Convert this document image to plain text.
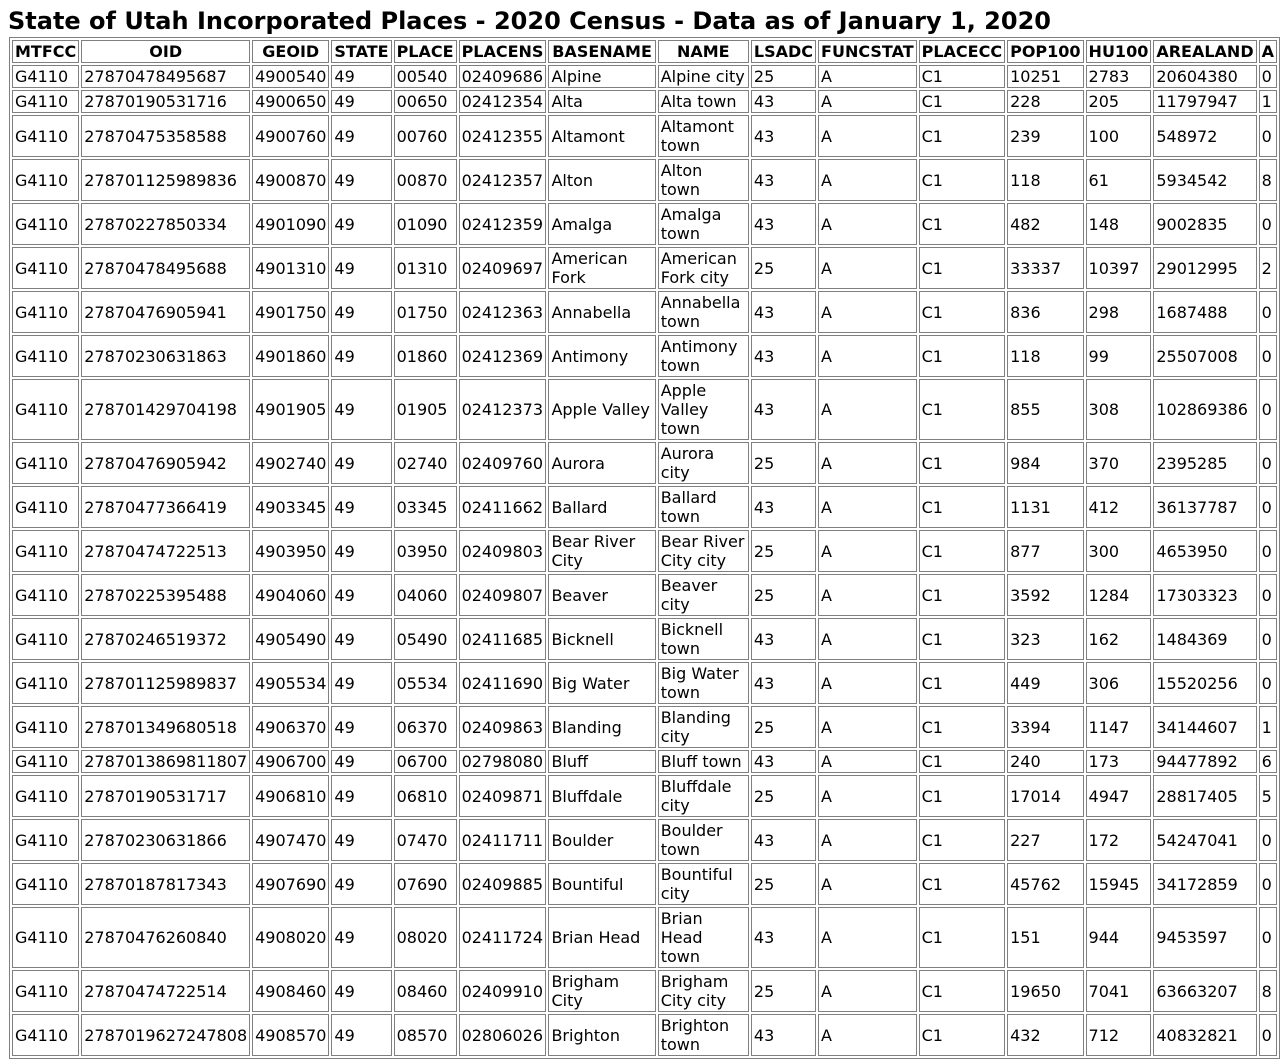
State of Utah Incorporated Places - 2020 Census - Data as of January 1, 2020
MTFCC	OID	GEOID	STATE	PLACE	PLACENS	BASENAME	NAME	LSADC	FUNCSTAT	PLACECC	POP100	HU100	AREALAND	A
G4110	27870478495687	4900540	49	00540	02409686	Alpine	Alpine city	25	A	C1	10251	2783	20604380	0
G4110	27870190531716	4900650	49	00650	02412354	Alta	Alta town	43	A	C1	228	205	11797947	1
G4110	27870475358588	4900760	49	00760	02412355	Altamont	Altamont town	43	A	C1	239	100	548972	0
G4110	278701125989836	4900870	49	00870	02412357	Alton	Alton town	43	A	C1	118	61	5934542	8
G4110	27870227850334	4901090	49	01090	02412359	Amalga	Amalga town	43	A	C1	482	148	9002835	0
G4110	27870478495688	4901310	49	01310	02409697	American Fork	American Fork city	25	A	C1	33337	10397	29012995	2
G4110	27870476905941	4901750	49	01750	02412363	Annabella	Annabella town	43	A	C1	836	298	1687488	0
G4110	27870230631863	4901860	49	01860	02412369	Antimony	Antimony town	43	A	C1	118	99	25507008	0
G4110	278701429704198	4901905	49	01905	02412373	Apple Valley	Apple Valley town	43	A	C1	855	308	102869386	0
G4110	27870476905942	4902740	49	02740	02409760	Aurora	Aurora city	25	A	C1	984	370	2395285	0
G4110	27870477366419	4903345	49	03345	02411662	Ballard	Ballard town	43	A	C1	1131	412	36137787	0
G4110	27870474722513	4903950	49	03950	02409803	Bear River City	Bear River City city	25	A	C1	877	300	4653950	0
G4110	27870225395488	4904060	49	04060	02409807	Beaver	Beaver city	25	A	C1	3592	1284	17303323	0
G4110	27870246519372	4905490	49	05490	02411685	Bicknell	Bicknell town	43	A	C1	323	162	1484369	0
G4110	278701125989837	4905534	49	05534	02411690	Big Water	Big Water town	43	A	C1	449	306	15520256	0
G4110	278701349680518	4906370	49	06370	02409863	Blanding	Blanding city	25	A	C1	3394	1147	34144607	1
G4110	2787013869811807	4906700	49	06700	02798080	Bluff	Bluff town	43	A	C1	240	173	94477892	6
G4110	27870190531717	4906810	49	06810	02409871	Bluffdale	Bluffdale city	25	A	C1	17014	4947	28817405	5
G4110	27870230631866	4907470	49	07470	02411711	Boulder	Boulder town	43	A	C1	227	172	54247041	0
G4110	27870187817343	4907690	49	07690	02409885	Bountiful	Bountiful city	25	A	C1	45762	15945	34172859	0
G4110	27870476260840	4908020	49	08020	02411724	Brian Head	Brian Head town	43	A	C1	151	944	9453597	0
G4110	27870474722514	4908460	49	08460	02409910	Brigham City	Brigham City city	25	A	C1	19650	7041	63663207	8
G4110	2787019627247808	4908570	49	08570	02806026	Brighton	Brighton town	43	A	C1	432	712	40832821	0
